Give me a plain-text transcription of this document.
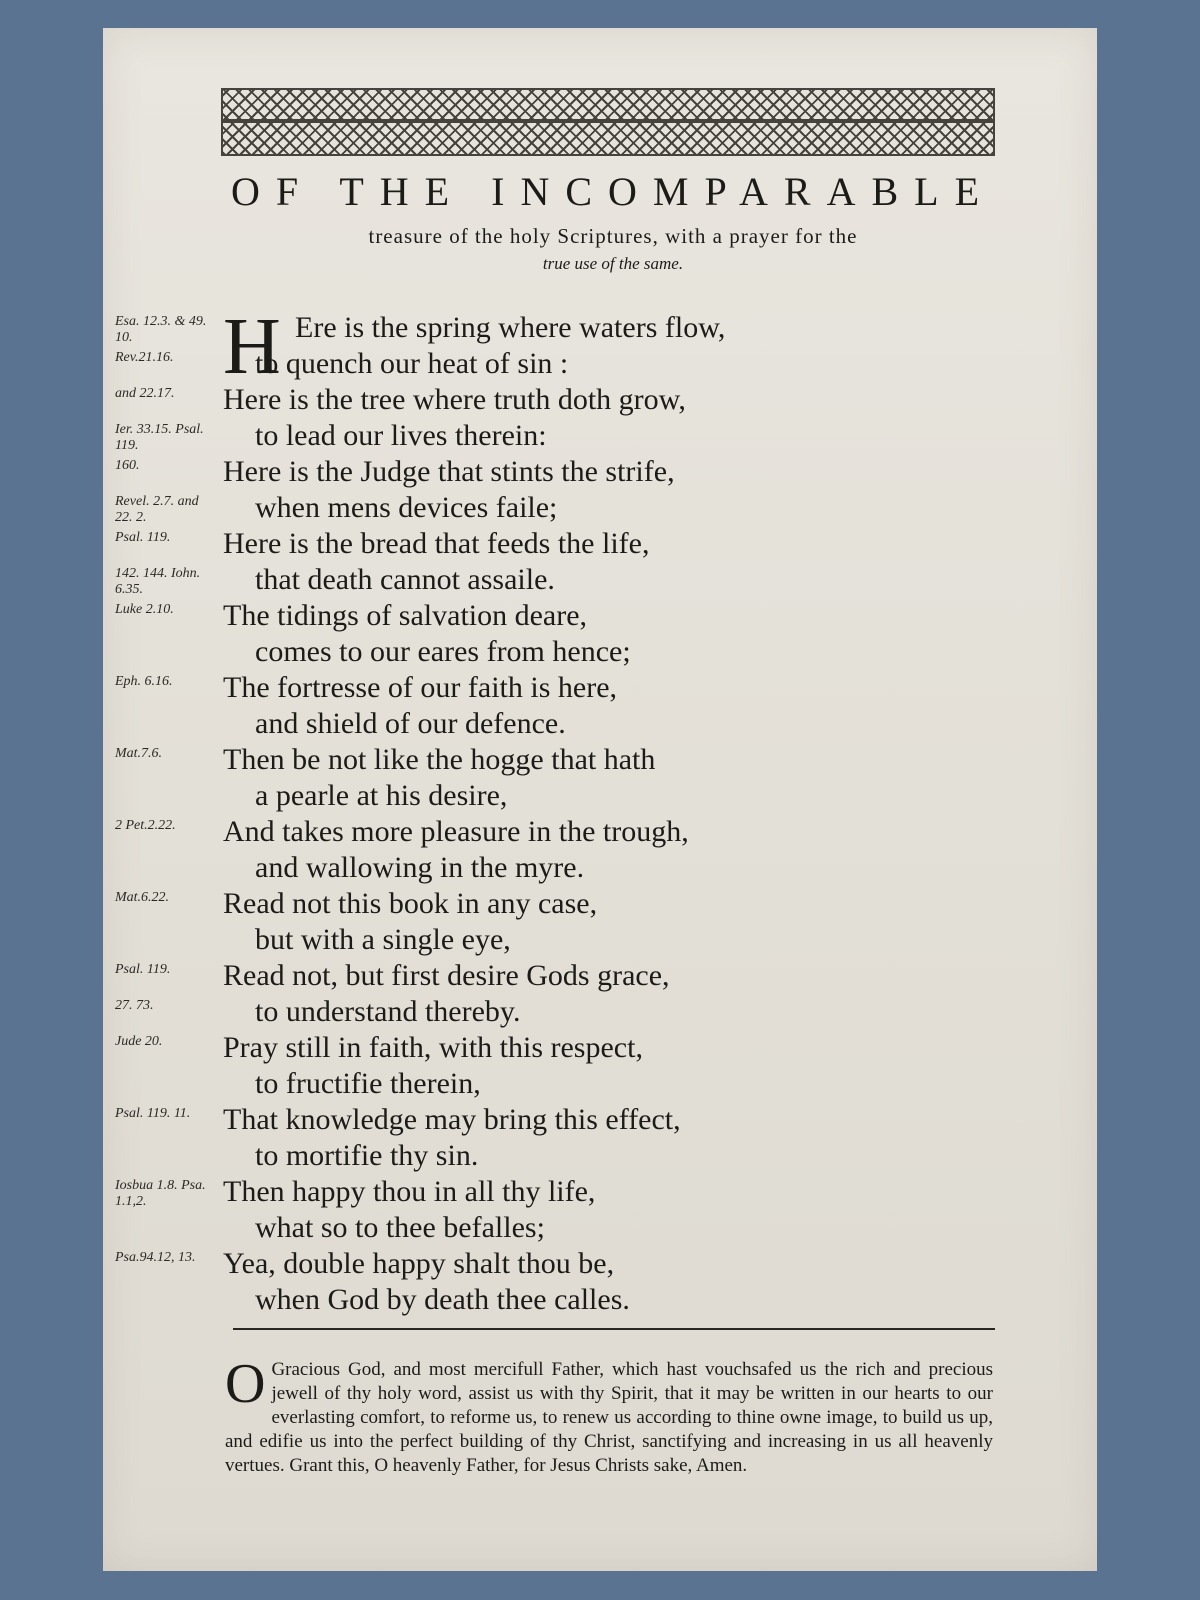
OF THE INCOMPARABLE
treasure of the holy Scriptures, with a prayer for the
true use of the same.
H
Esa. 12.3. & 49. 10.	Ere is the spring where waters flow,
Rev.21.16.	to quench our heat of sin :
and 22.17.	Here is the tree where truth doth grow,
Ier. 33.15. Psal. 119.	to lead our lives therein:
160.	Here is the Judge that stints the strife,
Revel. 2.7. and 22. 2.	when mens devices faile;
Psal. 119.	Here is the bread that feeds the life,
142. 144. Iohn. 6.35.	that death cannot assaile.
Luke 2.10.	The tidings of salvation deare,
comes to our eares from hence;
Eph. 6.16.	The fortresse of our faith is here,
and shield of our defence.
Mat.7.6.	Then be not like the hogge that hath
a pearle at his desire,
2 Pet.2.22.	And takes more pleasure in the trough,
and wallowing in the myre.
Mat.6.22.	Read not this book in any case,
but with a single eye,
Psal. 119.	Read not, but first desire Gods grace,
27. 73.	to understand thereby.
Jude 20.	Pray still in faith, with this respect,
to fructifie therein,
Psal. 119. 11.	That knowledge may bring this effect,
to mortifie thy sin.
Iosbua 1.8. Psa. 1.1,2.	Then happy thou in all thy life,
what so to thee befalles;
Psa.94.12, 13. Yea, double happy shalt thou be,
when God by death thee calles.
O Gracious God, and most mercifull Father, which hast vouchsafed us the rich and precious jewell of thy holy word, assist us with thy Spirit, that it may be written in our hearts to our everlasting comfort, to reforme us, to renew us according to thine owne image, to build us up, and edifie us into the perfect building of thy Christ, sanctifying and increasing in us all heavenly vertues. Grant this, O heavenly Father, for Jesus Christs sake, Amen.
